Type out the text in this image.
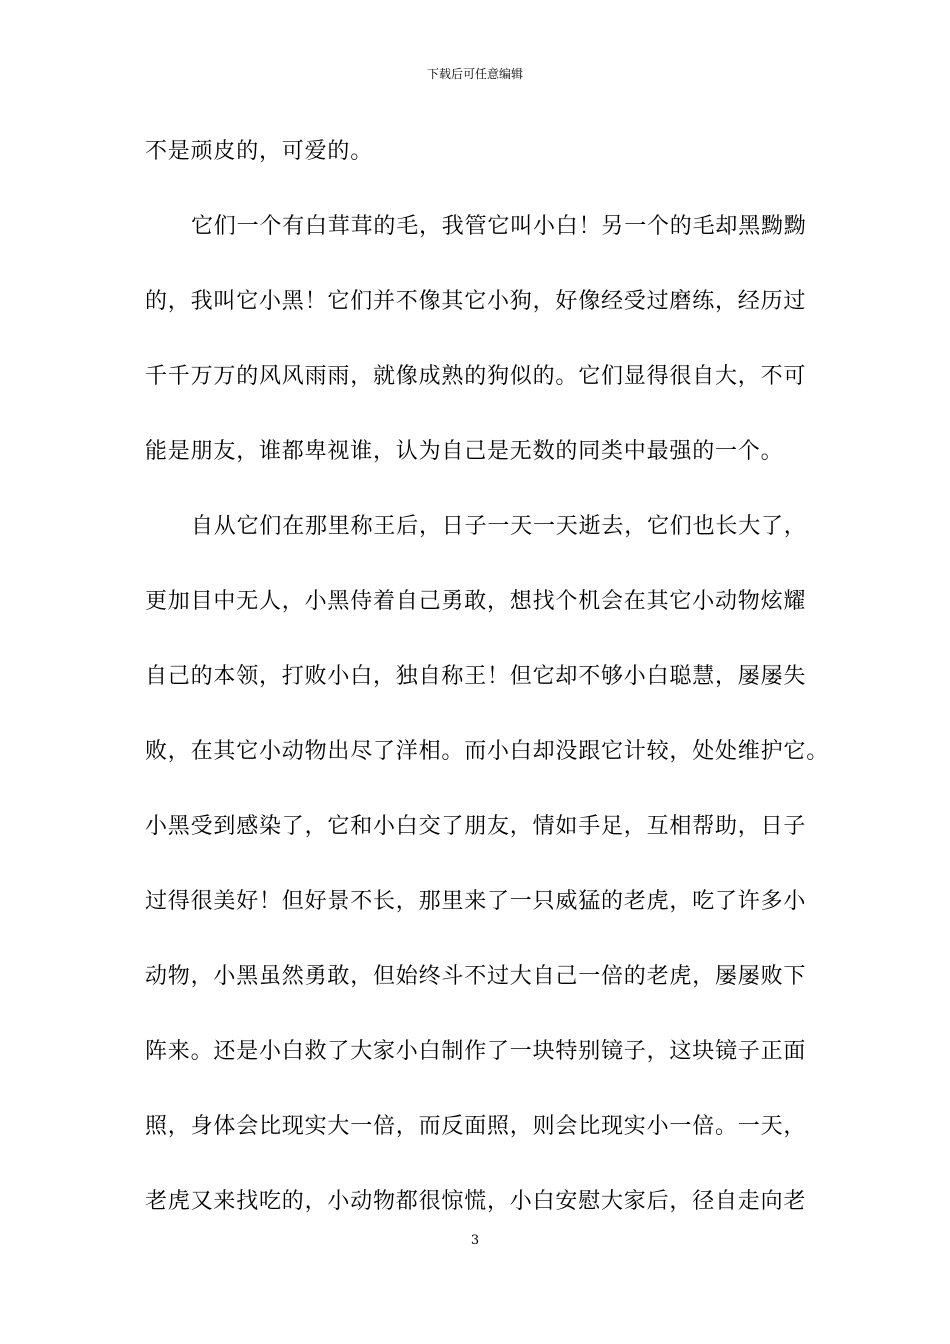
下载后可任意编辑
不是顽皮的，可爱的。
它们一个有白茸茸的毛，我管它叫小白！另一个的毛却黑黝黝
的，我叫它小黑！它们并不像其它小狗，好像经受过磨练，经历过
千千万万的风风雨雨，就像成熟的狗似的。它们显得很自大，不可
能是朋友，谁都卑视谁，认为自己是无数的同类中最强的一个。
自从它们在那里称王后，日子一天一天逝去，它们也长大了，
更加目中无人，小黑侍着自己勇敢，想找个机会在其它小动物炫耀
自己的本领，打败小白，独自称王！但它却不够小白聪慧，屡屡失
败，在其它小动物出尽了洋相。而小白却没跟它计较，处处维护它。
小黑受到感染了，它和小白交了朋友，情如手足，互相帮助，日子
过得很美好！但好景不长，那里来了一只威猛的老虎，吃了许多小
动物，小黑虽然勇敢，但始终斗不过大自己一倍的老虎，屡屡败下
阵来。还是小白救了大家小白制作了一块特别镜子，这块镜子正面
照，身体会比现实大一倍，而反面照，则会比现实小一倍。一天，
老虎又来找吃的，小动物都很惊慌，小白安慰大家后，径自走向老
3
